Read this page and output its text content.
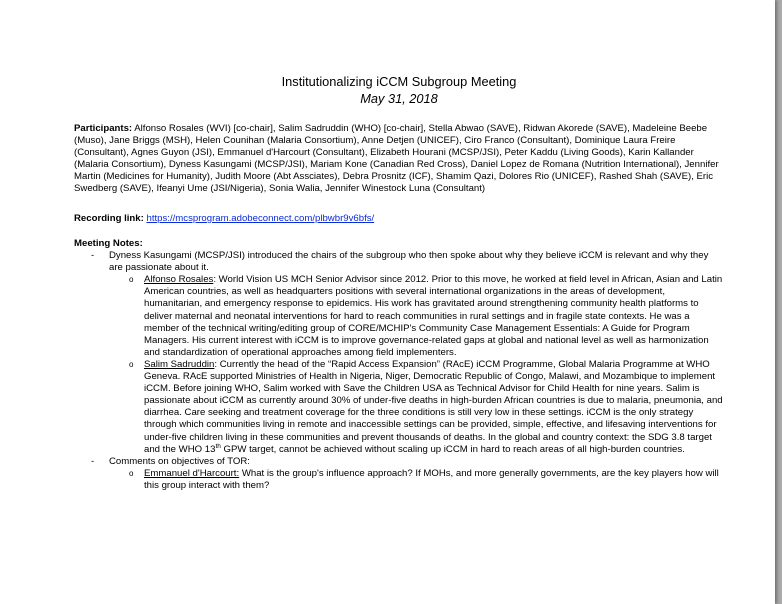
Institutionalizing iCCM Subgroup Meeting
May 31, 2018
Participants: Alfonso Rosales (WVI) [co-chair], Salim Sadruddin (WHO) [co-chair], Stella Abwao (SAVE), Ridwan Akorede (SAVE), Madeleine Beebe (Muso), Jane Briggs (MSH), Helen Counihan (Malaria Consortium), Anne Detjen (UNICEF), Ciro Franco (Consultant), Dominique Laura Freire (Consultant), Agnes Guyon (JSI), Emmanuel d'Harcourt (Consultant), Elizabeth Hourani (MCSP/JSI), Peter Kaddu (Living Goods), Karin Kallander (Malaria Consortium), Dyness Kasungami (MCSP/JSI), Mariam Kone (Canadian Red Cross), Daniel Lopez de Romana (Nutrition International), Jennifer Martin (Medicines for Humanity), Judith Moore (Abt Assciates), Debra Prosnitz (ICF), Shamim Qazi, Dolores Rio (UNICEF), Rashed Shah (SAVE), Eric Swedberg (SAVE), Ifeanyi Ume (JSI/Nigeria), Sonia Walia, Jennifer Winestock Luna (Consultant)
Recording link: https://mcsprogram.adobeconnect.com/plbwbr9v6bfs/
Meeting Notes:
- Dyness Kasungami (MCSP/JSI) introduced the chairs of the subgroup who then spoke about why they believe iCCM is relevant and why they are passionate about it.
o Alfonso Rosales: World Vision US MCH Senior Advisor since 2012. Prior to this move, he worked at field level in African, Asian and Latin American countries, as well as headquarters positions with several international organizations in the areas of development, humanitarian, and emergency response to epidemics. His work has gravitated around strengthening community health platforms to deliver maternal and neonatal interventions for hard to reach communities in rural settings and in fragile state contexts. He was a member of the technical writing/editing group of CORE/MCHIP's Community Case Management Essentials: A Guide for Program Managers. His current interest with iCCM is to improve governance-related gaps at global and national level as well as harmonization and standardization of operational approaches among field implementers.
o Salim Sadruddin: Currently the head of the “Rapid Access Expansion” (RAcE) iCCM Programme, Global Malaria Programme at WHO Geneva. RAcE supported Ministries of Health in Nigeria, Niger, Democratic Republic of Congo, Malawi, and Mozambique to implement iCCM. Before joining WHO, Salim worked with Save the Children USA as Technical Advisor for Child Health for nine years. Salim is passionate about iCCM as currently around 30% of under-five deaths in high-burden African countries is due to malaria, pneumonia, and diarrhea. Care seeking and treatment coverage for the three conditions is still very low in these settings. iCCM is the only strategy through which communities living in remote and inaccessible settings can be provided, simple, effective, and lifesaving interventions for under-five children living in these communities and prevent thousands of deaths. In the global and country context: the SDG 3.8 target and the WHO 13th GPW target, cannot be achieved without scaling up iCCM in hard to reach areas of all high-burden countries.
- Comments on objectives of TOR:
o Emmanuel d'Harcourt: What is the group's influence approach? If MOHs, and more generally governments, are the key players how will this group interact with them?
